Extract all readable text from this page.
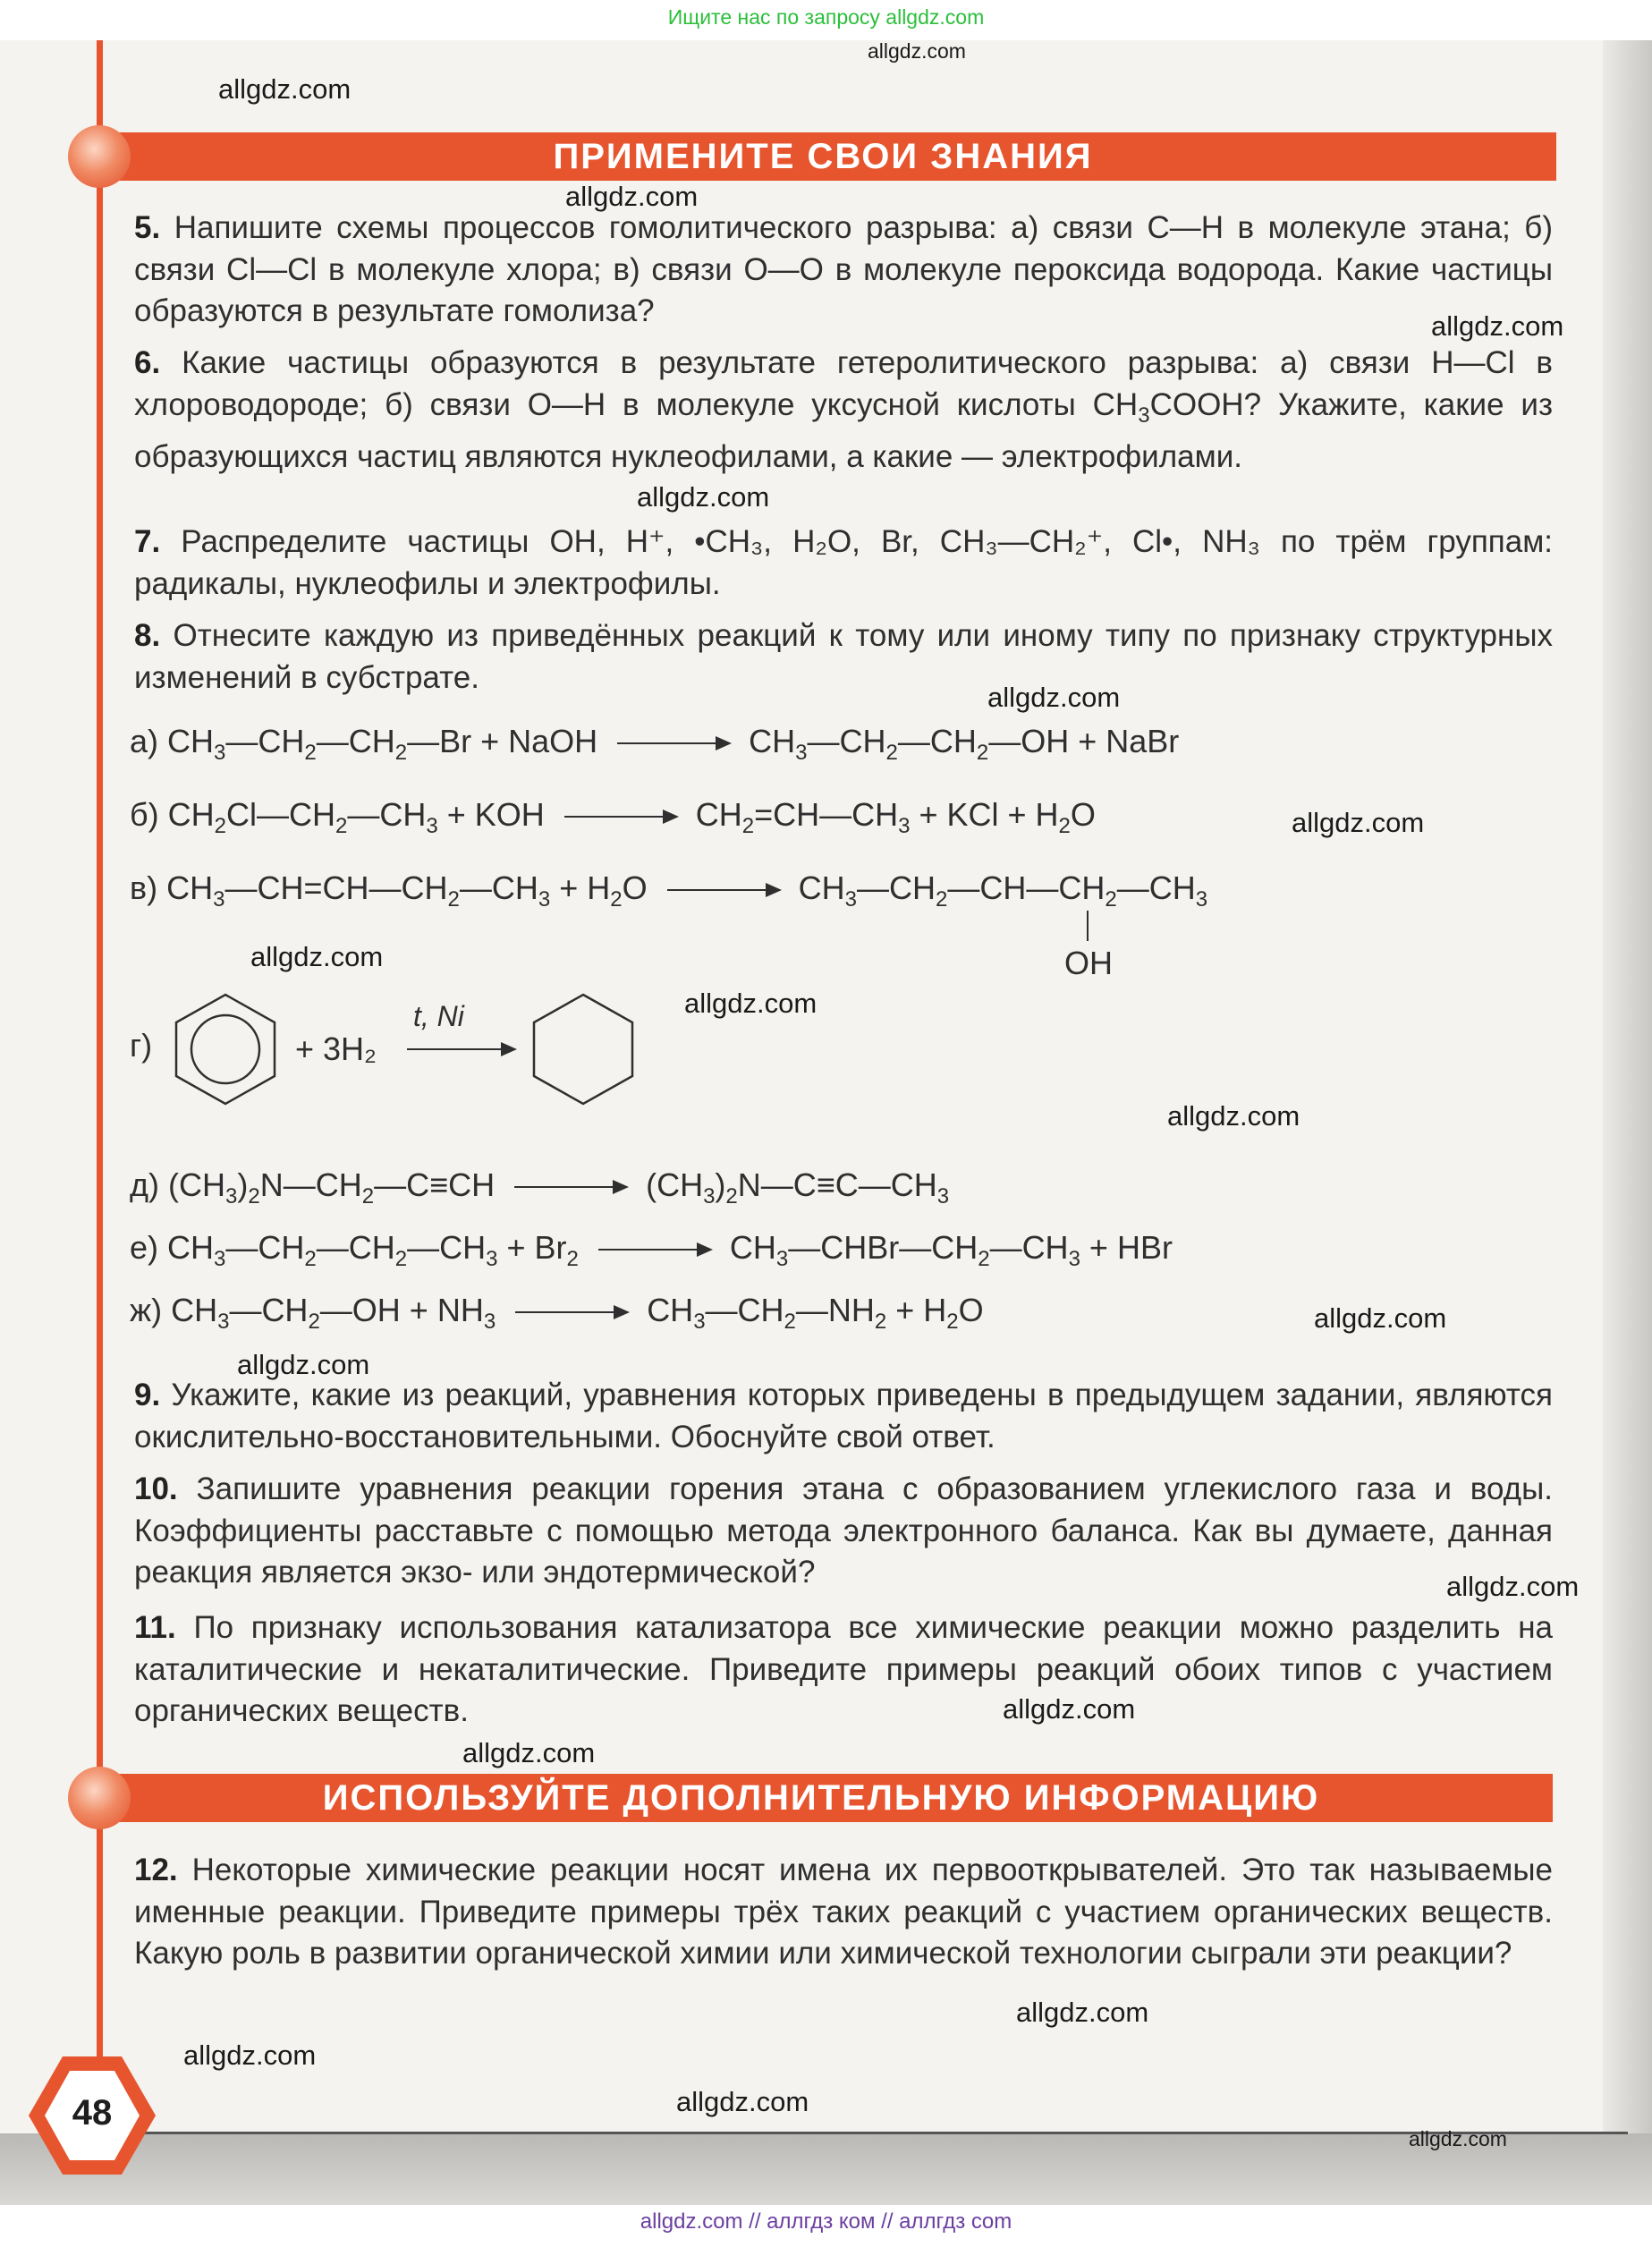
Ищите нас по запросу allgdz.com
allgdz.com
allgdz.com
allgdz.com
allgdz.com
allgdz.com
allgdz.com
allgdz.com
allgdz.com
allgdz.com
allgdz.com
allgdz.com
allgdz.com
allgdz.com
allgdz.com
allgdz.com
allgdz.com
allgdz.com
allgdz.com
allgdz.com
ПРИМЕНИТЕ СВОИ ЗНАНИЯ
5. Напишите схемы процессов гомолитического разрыва: а) связи C—H в молекуле этана; б) связи Cl—Cl в молекуле хлора; в) связи O—O в молекуле пероксида водорода. Какие частицы образуются в результате гомолиза?
6. Какие частицы образуются в результате гетеролитического разрыва: а) связи H—Cl в хлороводороде; б) связи O—H в молекуле уксусной кислоты $CH_3COOH$? Укажите, какие из образующихся частиц являются нуклеофилами, а какие — электрофилами.
7. Распределите частицы OH, H⁺, •CH₃, H₂O, Br, CH₃—CH₂⁺, Cl•, NH₃ по трём группам: радикалы, нуклеофилы и электрофилы.
8. Отнесите каждую из приведённых реакций к тому или иному типу по признаку структурных изменений в субстрате.
а) $CH_3—CH_2—CH_2—Br$ + NaOH → $CH_3—CH_2—CH_2—OH$ + NaBr
б) $CH_2Cl—CH_2—CH_3$ + KOH → $CH_2=CH—CH_3$ + KCl + $H_2O$
в) $CH_3—CH=CH—CH_2—CH_3 + H_2O$ → $CH_3—CH_2—CH—CH_2—CH_3$
OH
г)	+ 3H₂
t, Ni
д) $(CH_3)_2N—CH_2—C\equiv CH$ → $(CH_3)_2N—C\equiv C—CH_3$
е) $CH_3—CH_2—CH_2—CH_3 + Br_2$ → $CH_3—CHBr—CH_2—CH_3$ + HBr
ж) $CH_3—CH_2—OH + NH_3$ → $CH_3—CH_2—NH_2 + H_2O$
9. Укажите, какие из реакций, уравнения которых приведены в предыдущем задании, являются окислительно-восстановительными. Обоснуйте свой ответ.
10. Запишите уравнения реакции горения этана с образованием углекислого газа и воды. Коэффициенты расставьте с помощью метода электронного баланса. Как вы думаете, данная реакция является экзо- или эндотермической?
11. По признаку использования катализатора все химические реакции можно разделить на каталитические и некаталитические. Приведите примеры реакций обоих типов с участием органических веществ.
ИСПОЛЬЗУЙТЕ ДОПОЛНИТЕЛЬНУЮ ИНФОРМАЦИЮ
12. Некоторые химические реакции носят имена их первооткрывателей. Это так называемые именные реакции. Приведите примеры трёх таких реакций с участием органических веществ. Какую роль в развитии органической химии или химической технологии сыграли эти реакции?
48
allgdz.com // аллгдз ком // аллгдз com
